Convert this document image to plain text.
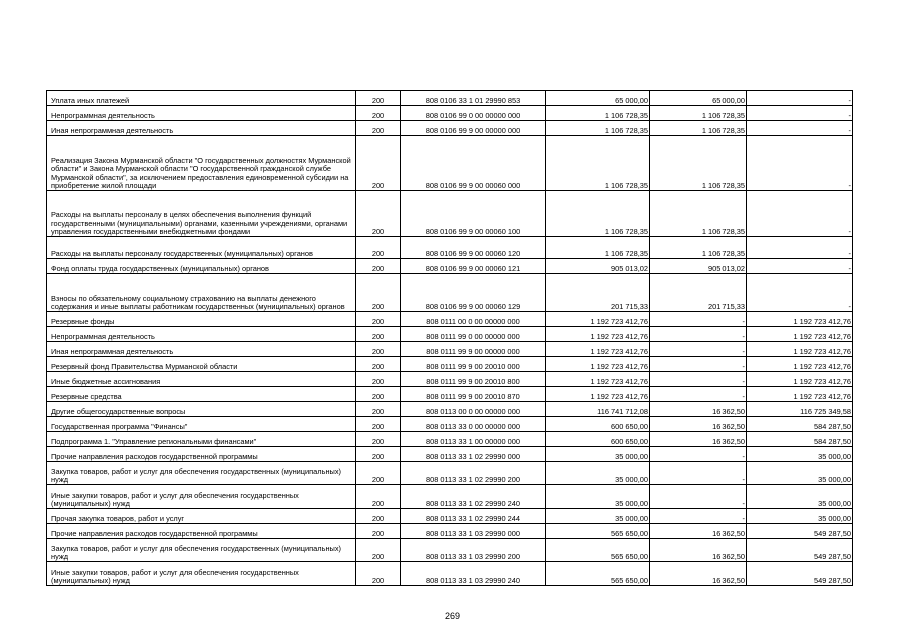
Уплата иных платежей	200	808 0106 33 1 01 29990 853	65 000,00	65 000,00	-
Непрограммная деятельность	200	808 0106 99 0 00 00000 000	1 106 728,35	1 106 728,35	-
Иная непрограммная деятельность	200	808 0106 99 9 00 00000 000	1 106 728,35	1 106 728,35	-
Реализация Закона Мурманской области "О государственных должностях Мурманской области" и Закона Мурманской области "О государственной гражданской службе Мурманской области", за исключением предоставления единовременной субсидии на приобретение жилой площади	200	808 0106 99 9 00 00060 000	1 106 728,35	1 106 728,35	-
Расходы на выплаты персоналу в целях обеспечения выполнения функций государственными (муниципальными) органами, казенными учреждениями, органами управления государственными внебюджетными фондами	200	808 0106 99 9 00 00060 100	1 106 728,35	1 106 728,35	-
Расходы на выплаты персоналу государственных (муниципальных) органов	200	808 0106 99 9 00 00060 120	1 106 728,35	1 106 728,35	-
Фонд оплаты труда государственных (муниципальных) органов	200	808 0106 99 9 00 00060 121	905 013,02	905 013,02	-
Взносы по обязательному социальному страхованию на выплаты денежного содержания и иные выплаты работникам государственных (муниципальных) органов	200	808 0106 99 9 00 00060 129	201 715,33	201 715,33	-
Резервные фонды	200	808 0111 00 0 00 00000 000	1 192 723 412,76	-	1 192 723 412,76
Непрограммная деятельность	200	808 0111 99 0 00 00000 000	1 192 723 412,76	-	1 192 723 412,76
Иная непрограммная деятельность	200	808 0111 99 9 00 00000 000	1 192 723 412,76	-	1 192 723 412,76
Резервный фонд Правительства Мурманской области	200	808 0111 99 9 00 20010 000	1 192 723 412,76	-	1 192 723 412,76
Иные бюджетные ассигнования	200	808 0111 99 9 00 20010 800	1 192 723 412,76	-	1 192 723 412,76
Резервные средства	200	808 0111 99 9 00 20010 870	1 192 723 412,76	-	1 192 723 412,76
Другие общегосударственные вопросы	200	808 0113 00 0 00 00000 000	116 741 712,08	16 362,50	116 725 349,58
Государственная программа "Финансы"	200	808 0113 33 0 00 00000 000	600 650,00	16 362,50	584 287,50
Подпрограмма 1. "Управление региональными финансами"	200	808 0113 33 1 00 00000 000	600 650,00	16 362,50	584 287,50
Прочие направления расходов государственной программы	200	808 0113 33 1 02 29990 000	35 000,00	-	35 000,00
Закупка товаров, работ и услуг для обеспечения государственных (муниципальных) нужд	200	808 0113 33 1 02 29990 200	35 000,00	-	35 000,00
Иные закупки товаров, работ и услуг для обеспечения государственных (муниципальных) нужд	200	808 0113 33 1 02 29990 240	35 000,00	-	35 000,00
Прочая закупка товаров, работ и услуг	200	808 0113 33 1 02 29990 244	35 000,00	-	35 000,00
Прочие направления расходов государственной программы	200	808 0113 33 1 03 29990 000	565 650,00	16 362,50	549 287,50
Закупка товаров, работ и услуг для обеспечения государственных (муниципальных) нужд	200	808 0113 33 1 03 29990 200	565 650,00	16 362,50	549 287,50
Иные закупки товаров, работ и услуг для обеспечения государственных (муниципальных) нужд	200	808 0113 33 1 03 29990 240	565 650,00	16 362,50	549 287,50
269
